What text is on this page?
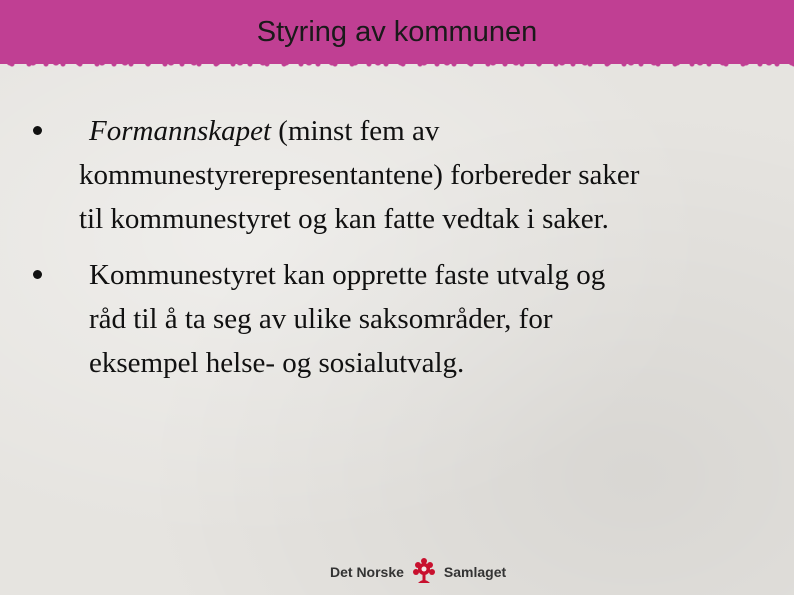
Styring av kommunen
Formannskapet (minst fem av
kommunestyrerepresentantene) forbereder saker
til kommunestyret og kan fatte vedtak i saker.
Kommunestyret kan opprette faste utvalg og
råd til å ta seg av ulike saksområder, for
eksempel helse- og sosialutvalg.
Det Norske	Samlaget
